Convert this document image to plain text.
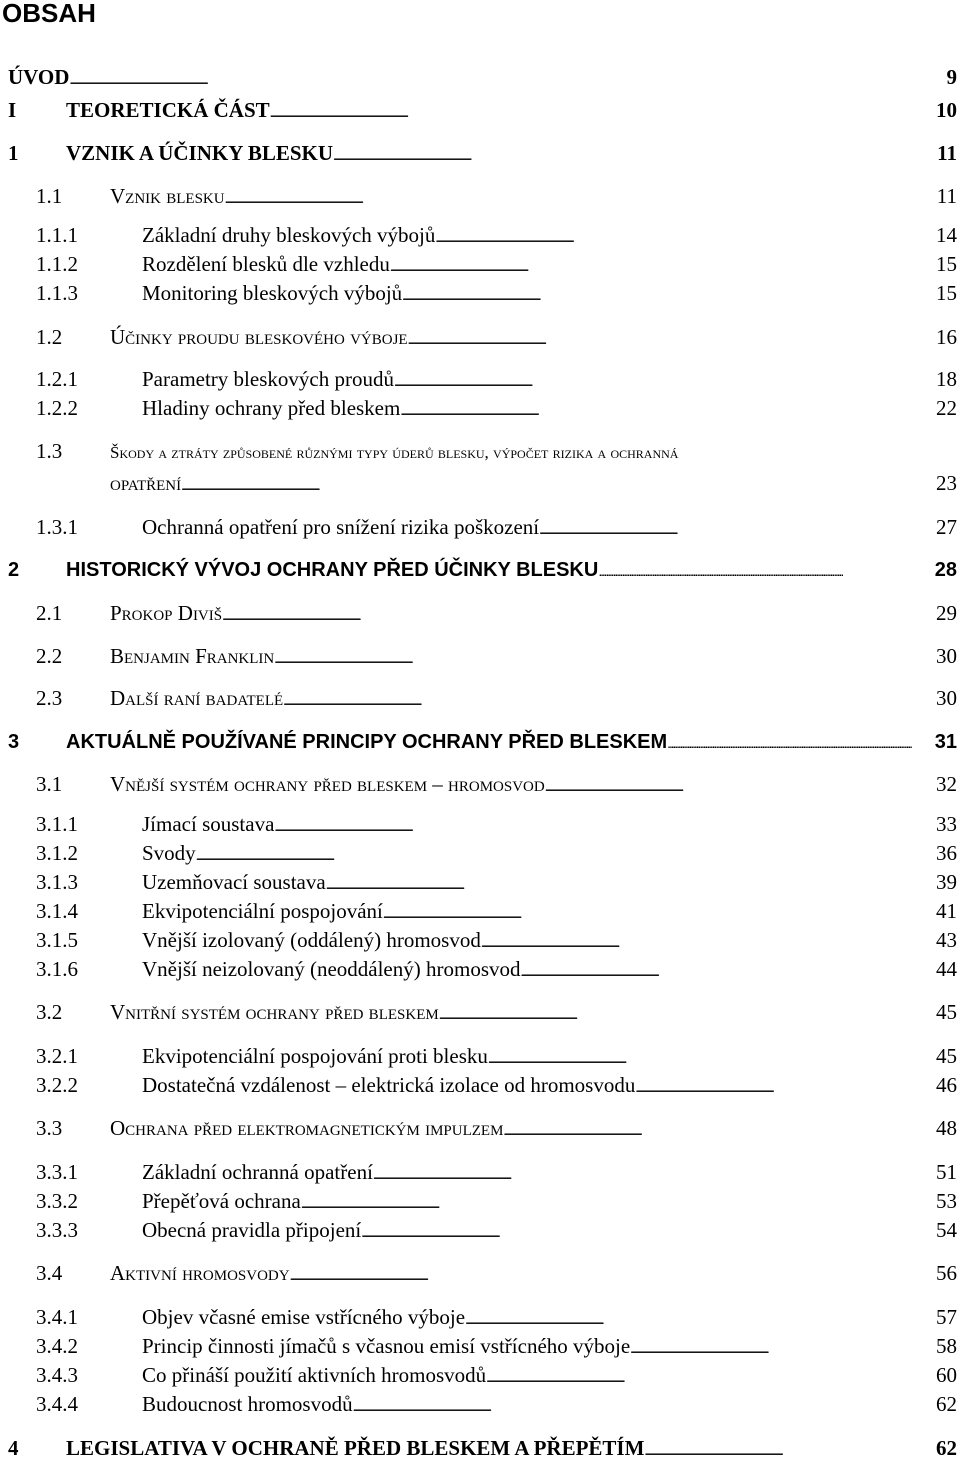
OBSAH
ÚVOD . . .	9
I	TEORETICKÁ ČÁST . . .	10
1	VZNIK A ÚČINKY BLESKU . . .	11
1.1	Vznik blesku . . .	11
1.1.1	Základní druhy bleskových výbojů . . .	14
1.1.2	Rozdělení blesků dle vzhledu . . .	15
1.1.3	Monitoring bleskových výbojů . . .	15
1.2	Účinky proudu bleskového výboje . . .	16
1.2.1	Parametry bleskových proudů . . .	18
1.2.2	Hladiny ochrany před bleskem . . .	22
1.3	Škody a ztráty způsobené různými typy úderů blesku, výpočet rizika a ochranná
opatření . . .	23
1.3.1	Ochranná opatření pro snížení rizika poškození . . .	27
2	HISTORICKÝ VÝVOJ OCHRANY PŘED ÚČINKY BLESKU . . .	28
2.1	Prokop Diviš . . .	29
2.2	Benjamin Franklin . . .	30
2.3	Další raní badatelé . . .	30
3	AKTUÁLNĚ POUŽÍVANÉ PRINCIPY OCHRANY PŘED BLESKEM . . .	31
3.1	Vnější systém ochrany před bleskem – hromosvod . . .	32
3.1.1	Jímací soustava . . .	33
3.1.2	Svody . . .	36
3.1.3	Uzemňovací soustava . . .	39
3.1.4	Ekvipotenciální pospojování . . .	41
3.1.5	Vnější izolovaný (oddálený) hromosvod . . .	43
3.1.6	Vnější neizolovaný (neoddálený) hromosvod . . .	44
3.2	Vnitřní systém ochrany před bleskem . . .	45
3.2.1	Ekvipotenciální pospojování proti blesku . . .	45
3.2.2	Dostatečná vzdálenost – elektrická izolace od hromosvodu . . .	46
3.3	Ochrana před elektromagnetickým impulzem . . .	48
3.3.1	Základní ochranná opatření . . .	51
3.3.2	Přepěťová ochrana . . .	53
3.3.3	Obecná pravidla připojení . . .	54
3.4	Aktivní hromosvody . . .	56
3.4.1	Objev včasné emise vstřícného výboje . . .	57
3.4.2	Princip činnosti jímačů s včasnou emisí vstřícného výboje . . .	58
3.4.3	Co přináší použití aktivních hromosvodů . . .	60
3.4.4	Budoucnost hromosvodů . . .	62
4	LEGISLATIVA V OCHRANĚ PŘED BLESKEM A PŘEPĚTÍM . . .	62
